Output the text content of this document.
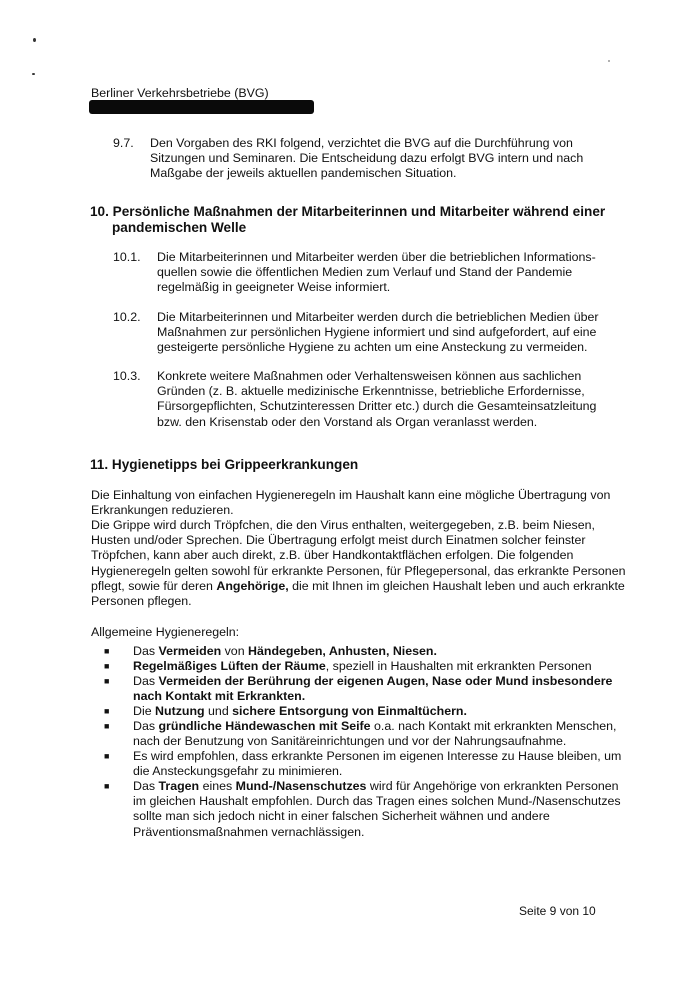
Berliner Verkehrsbetriebe (BVG)
9.7. Den Vorgaben des RKI folgend, verzichtet die BVG auf die Durchführung von Sitzungen und Seminaren. Die Entscheidung dazu erfolgt BVG intern und nach Maßgabe der jeweils aktuellen pandemischen Situation.
10. Persönliche Maßnahmen der Mitarbeiterinnen und Mitarbeiter während einer
pandemischen Welle
10.1. Die Mitarbeiterinnen und Mitarbeiter werden über die betrieblichen Informations-quellen sowie die öffentlichen Medien zum Verlauf und Stand der Pandemie regelmäßig in geeigneter Weise informiert.
10.2. Die Mitarbeiterinnen und Mitarbeiter werden durch die betrieblichen Medien über Maßnahmen zur persönlichen Hygiene informiert und sind aufgefordert, auf eine gesteigerte persönliche Hygiene zu achten um eine Ansteckung zu vermeiden.
10.3. Konkrete weitere Maßnahmen oder Verhaltensweisen können aus sachlichen Gründen (z. B. aktuelle medizinische Erkenntnisse, betriebliche Erfordernisse, Fürsorgepflichten, Schutzinteressen Dritter etc.) durch die Gesamteinsatzleitung bzw. den Krisenstab oder den Vorstand als Organ veranlasst werden.
11. Hygienetipps bei Grippeerkrankungen
Die Einhaltung von einfachen Hygieneregeln im Haushalt kann eine mögliche Übertragung von Erkrankungen reduzieren.
Die Grippe wird durch Tröpfchen, die den Virus enthalten, weitergegeben, z.B. beim Niesen, Husten und/oder Sprechen. Die Übertragung erfolgt meist durch Einatmen solcher feinster Tröpfchen, kann aber auch direkt, z.B. über Handkontaktflächen erfolgen. Die folgenden Hygieneregeln gelten sowohl für erkrankte Personen, für Pflegepersonal, das erkrankte Personen pflegt, sowie für deren Angehörige, die mit Ihnen im gleichen Haushalt leben und auch erkrankte Personen pflegen.
Allgemeine Hygieneregeln:
■ Das Vermeiden von Händegeben, Anhusten, Niesen.
■ Regelmäßiges Lüften der Räume, speziell in Haushalten mit erkrankten Personen
■ Das Vermeiden der Berührung der eigenen Augen, Nase oder Mund insbesondere nach Kontakt mit Erkrankten.
■ Die Nutzung und sichere Entsorgung von Einmaltüchern.
■ Das gründliche Händewaschen mit Seife o.a. nach Kontakt mit erkrankten Menschen, nach der Benutzung von Sanitäreinrichtungen und vor der Nahrungsaufnahme.
■ Es wird empfohlen, dass erkrankte Personen im eigenen Interesse zu Hause bleiben, um die Ansteckungsgefahr zu minimieren.
■ Das Tragen eines Mund-/Nasenschutzes wird für Angehörige von erkrankten Personen im gleichen Haushalt empfohlen. Durch das Tragen eines solchen Mund-/Nasenschutzes sollte man sich jedoch nicht in einer falschen Sicherheit wähnen und andere Präventionsmaßnahmen vernachlässigen.
Seite 9 von 10
